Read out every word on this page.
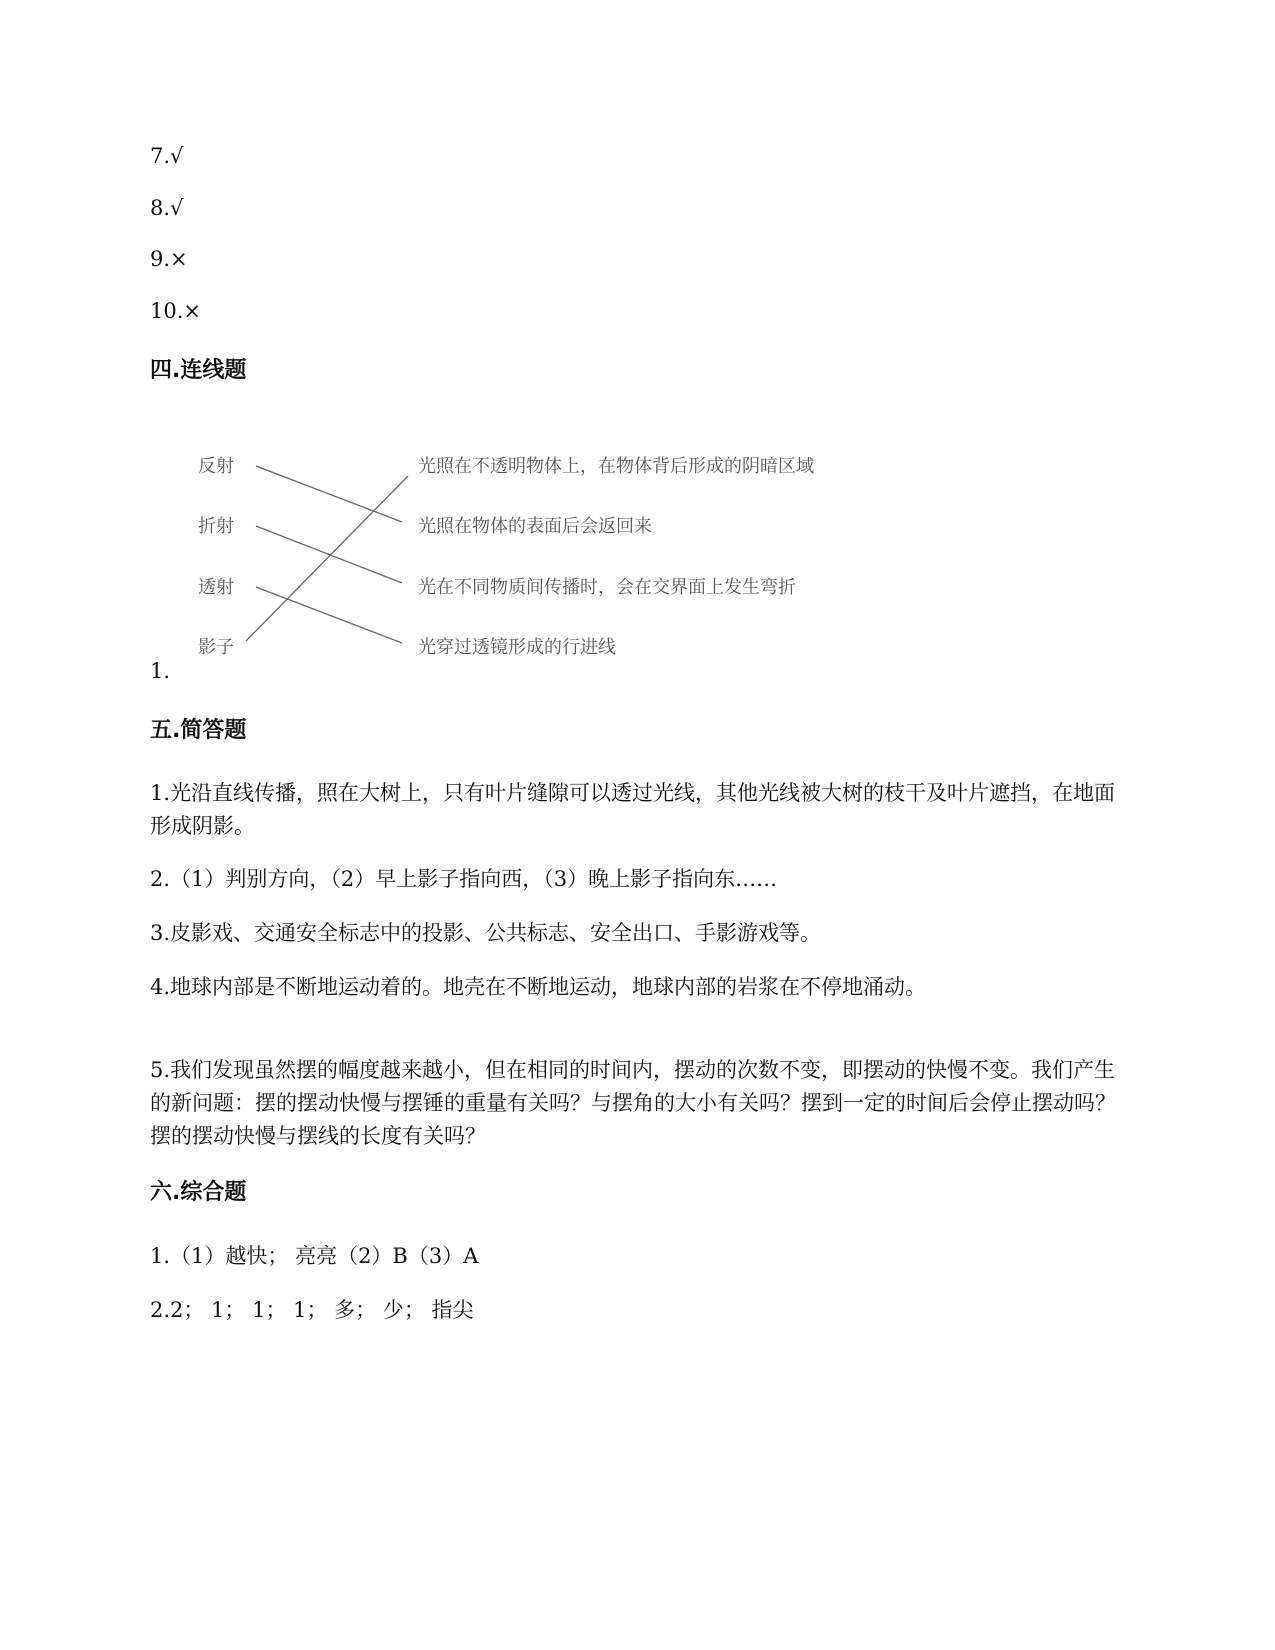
7.√
8.√
9.×
10.×
四.连线题
反射
折射
透射
影子
光照在不透明物体上，在物体背后形成的阴暗区域
光照在物体的表面后会返回来
光在不同物质间传播时，会在交界面上发生弯折
光穿过透镜形成的行进线
1.
五.简答题
1.光沿直线传播，照在大树上，只有叶片缝隙可以透过光线，其他光线被大树的枝干及叶片遮挡，在地面形成阴影。
2.（1）判别方向，（2）早上影子指向西，（3）晚上影子指向东……
3.皮影戏、交通安全标志中的投影、公共标志、安全出口、手影游戏等。
4.地球内部是不断地运动着的。地壳在不断地运动，地球内部的岩浆在不停地涌动。
5.我们发现虽然摆的幅度越来越小，但在相同的时间内，摆动的次数不变，即摆动的快慢不变。我们产生的新问题：摆的摆动快慢与摆锤的重量有关吗？与摆角的大小有关吗？摆到一定的时间后会停止摆动吗？摆的摆动快慢与摆线的长度有关吗？
六.综合题
1.（1）越快； 亮亮（2）B（3）A
2.2； 1； 1； 1； 多； 少； 指尖
